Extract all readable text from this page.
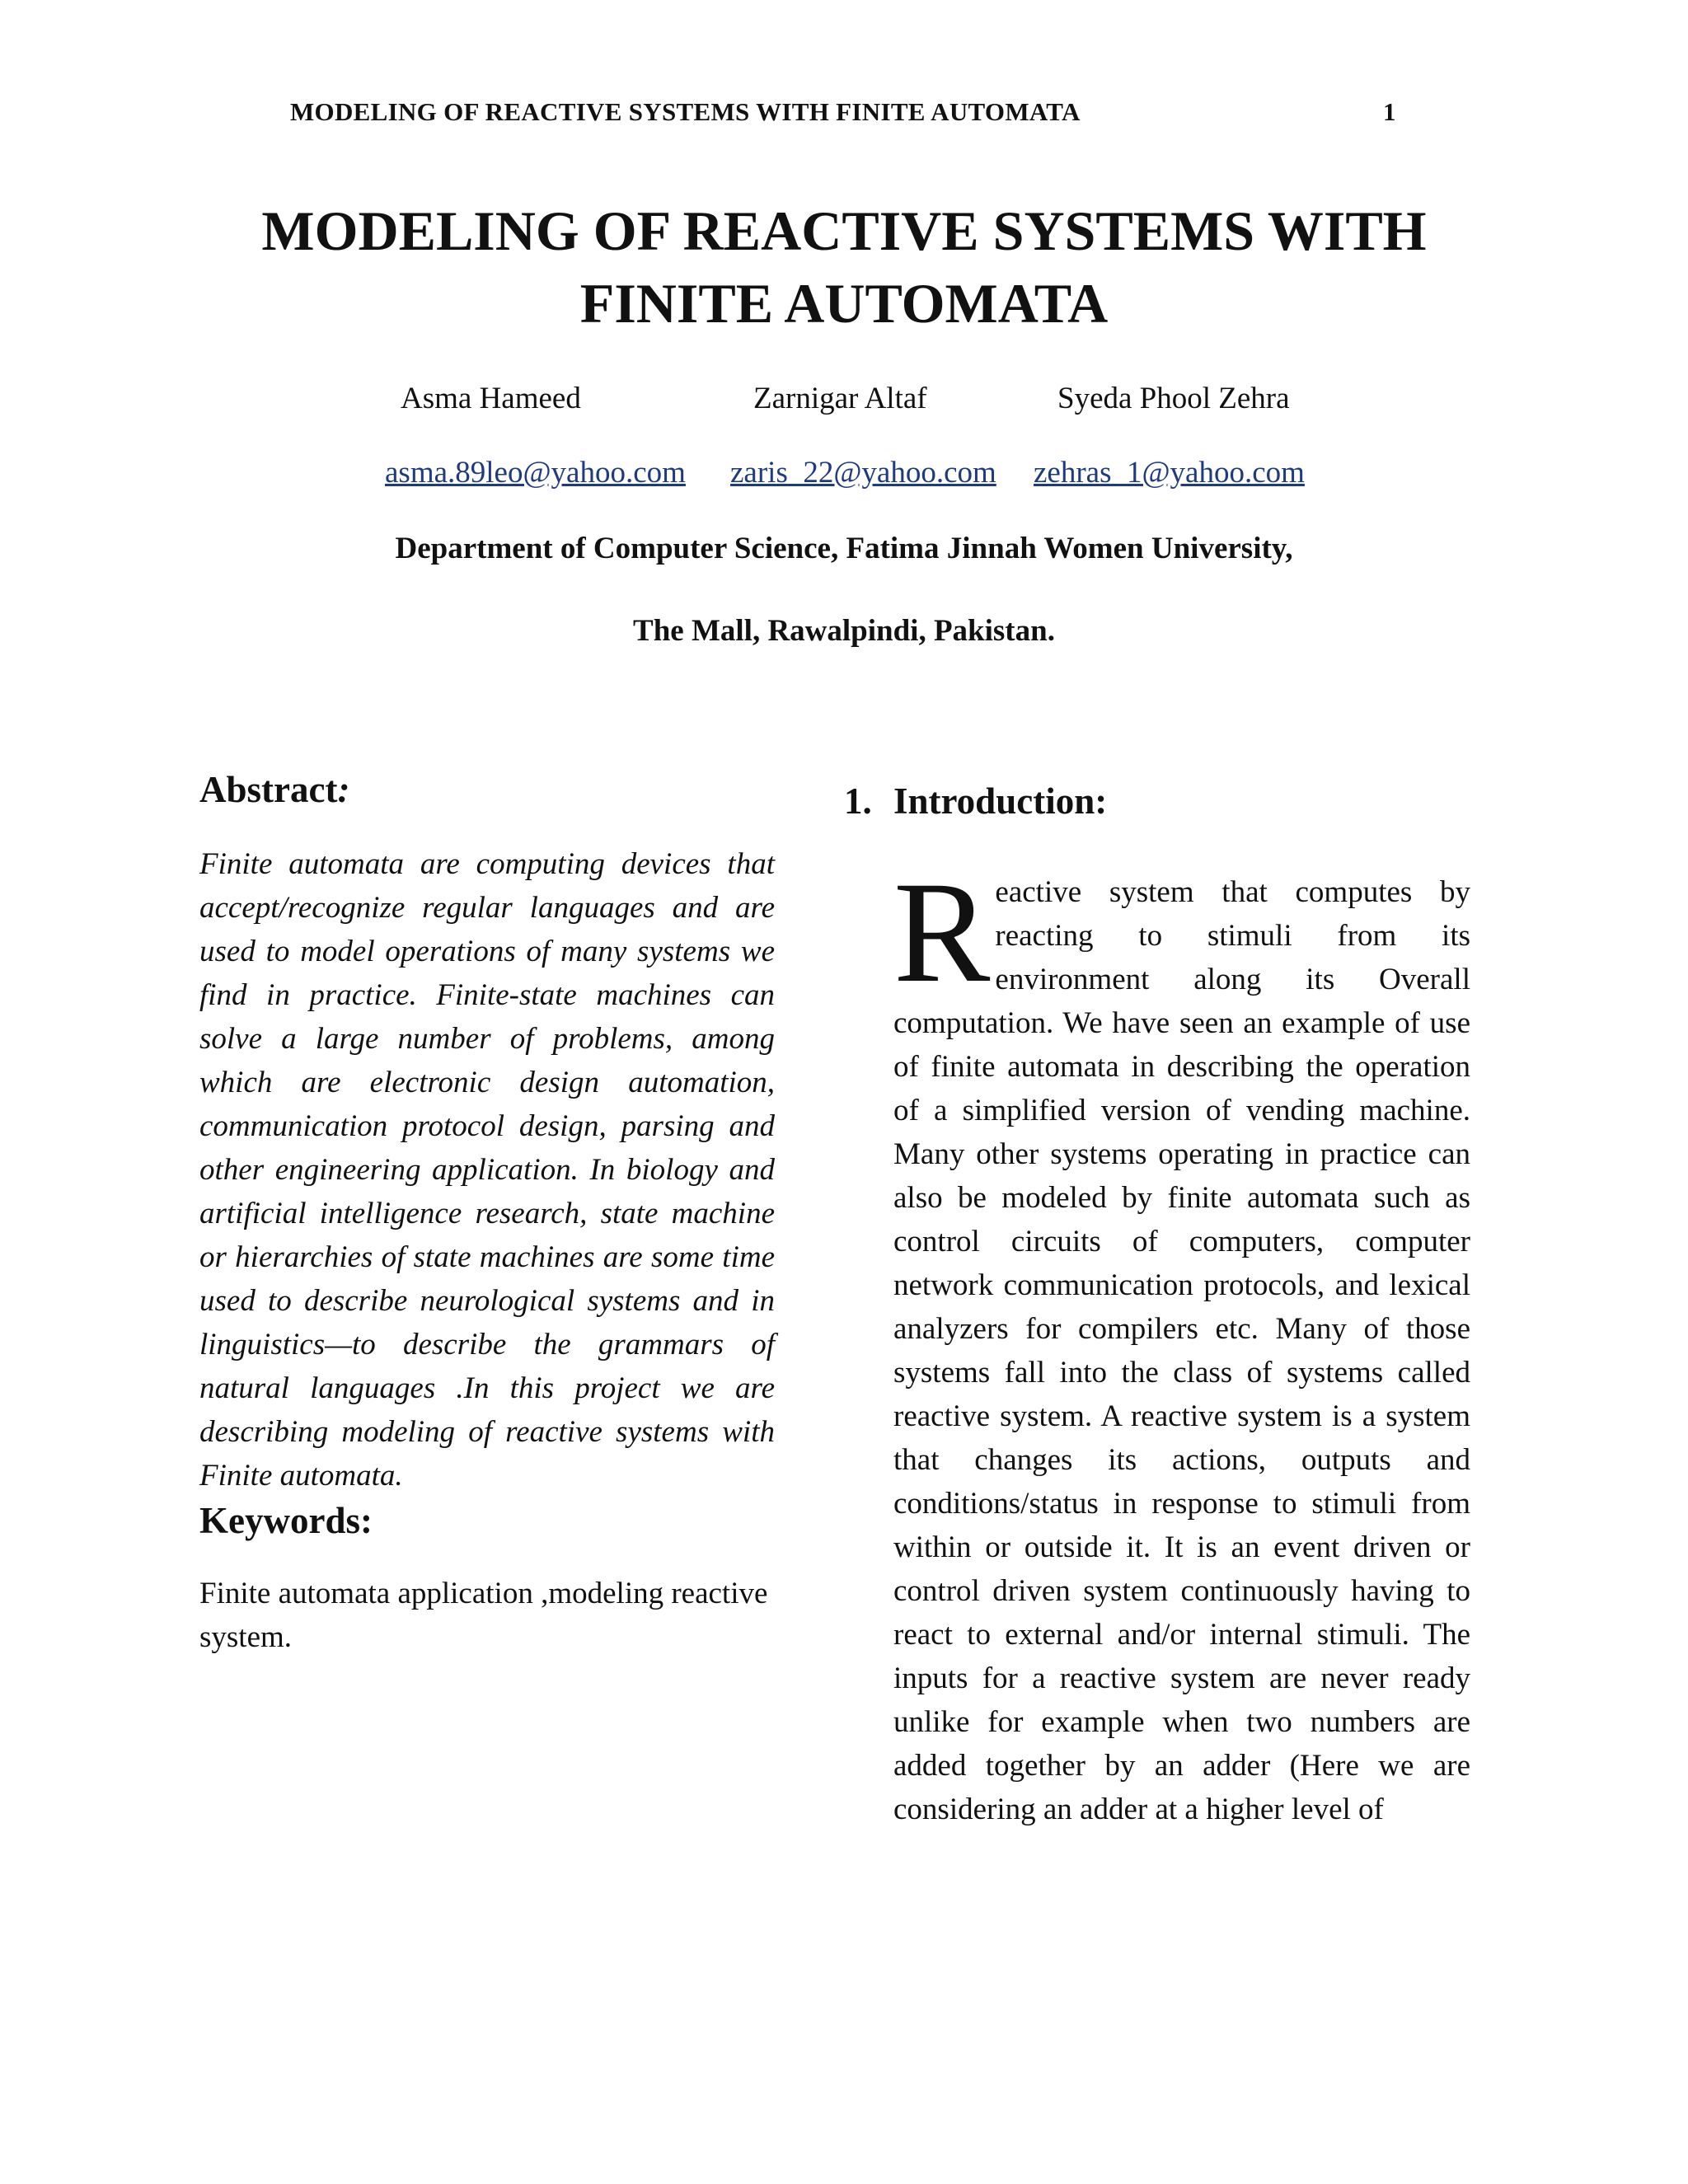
MODELING OF REACTIVE SYSTEMS WITH FINITE AUTOMATA	1
MODELING OF REACTIVE SYSTEMS WITH
FINITE AUTOMATA
Asma Hameed	Zarnigar Altaf	Syeda Phool Zehra
asma.89leo@yahoo.com zaris_22@yahoo.com zehras_1@yahoo.com
Department of Computer Science, Fatima Jinnah Women University,
The Mall, Rawalpindi, Pakistan.
Abstract:

Finite automata are computing devices that accept/recognize regular languages and are used to model operations of many systems we find in practice. Finite-state machines can solve a large number of problems, among which are electronic design automation, communication protocol design, parsing and other engineering application. In biology and artificial intelligence research, state machine or hierarchies of state machines are some time used to describe neurological systems and in linguistics—to describe the grammars of natural languages .In this project we are describing modeling of reactive systems with Finite automata.

Keywords:

Finite automata application ,modeling reactive system.

1. Introduction:
Reactive system that computes by reacting to stimuli from its environment along its Overall computation. We have seen an example of use of finite automata in describing the operation of a simplified version of vending machine. Many other systems operating in practice can also be modeled by finite automata such as control circuits of computers, computer network communication protocols, and lexical analyzers for compilers etc. Many of those systems fall into the class of systems called reactive system. A reactive system is a system that changes its actions, outputs and conditions/status in response to stimuli from within or outside it. It is an event driven or control driven system continuously having to react to external and/or internal stimuli. The inputs for a reactive system are never ready unlike for example when two numbers are added together by an adder (Here we are considering an adder at a higher level of
